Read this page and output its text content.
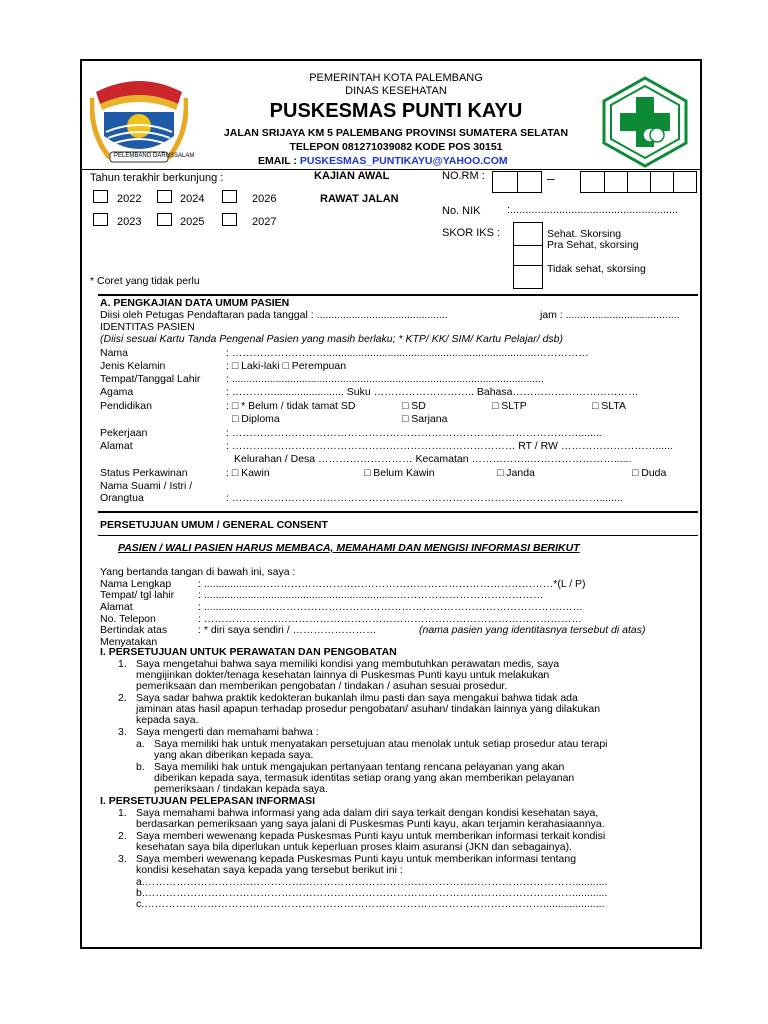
PELEMBANG DARUSSALAM
PEMERINTAH KOTA PALEMBANG
DINAS KESEHATAN
PUSKESMAS PUNTI KAYU
JALAN SRIJAYA KM 5 PALEMBANG PROVINSI SUMATERA SELATAN
TELEPON 081271039082 KODE POS 30151
EMAIL : PUSKESMAS_PUNTIKAYU@YAHOO.COM
Tahun terakhir berkunjung :
2022	2024	2026
2023	2025	2027
* Coret yang tidak perlu
KAJIAN AWAL
RAWAT JALAN
NO.RM :	–
No. NIK :.......................................................
SKOR IKS :	Sehat. Skorsing
Pra Sehat, skorsing
Tidak sehat, skorsing
A. PENGKAJIAN DATA UMUM PASIEN
Diisi oleh Petugas Pendaftaran pada tanggal : .............................................	jam : .......................................
IDENTITAS PASIEN
(Diisi sesuai Kartu Tanda Pengenal Pasien yang masih berlaku; * KTP/ KK/ SIM/ Kartu Pelajar/ dsb)
Nama	: ………………………........................................................................……………
Jenis Kelamin	: □ Laki-laki □ Perempuan
Tempat/Tanggal Lahir : ...........................................................................................................
Agama	: …………........................ Suku ……………………….. Bahasa………………………………
Pendidikan	: □ * Belum / tidak tamat SD	□ SD	□ SLTP	□ SLTA
□ Diploma	□ Sarjana
Pekerjaan	: ………………………………………………………………………………………........
Alamat	: ……………………………………………………………………… RT / RW ………………………......
Kelurahan / Desa ……………………… Kecamatan ……………..……………………......
Status Perkawinan	: □ Kawin	□ Belum Kawin	□ Janda	□ Duda
Nama Suami / Istri /
Orangtua	: ……………………………………………………………………………………………........
PERSETUJUAN UMUM / GENERAL CONSENT
PASIEN / WALI PASIEN HARUS MEMBACA, MEMAHAMI DAN MENGISI INFORMASI BERIKUT
Yang bertanda tangan di bawah ini, saya :
Nama Lengkap	: ...................…………………………………………………………………………*(L / P)
Tempat/ tgl lahir : ..................................................................……………………………………
Alamat	: .....................………………………………………………………………………….……
No. Telepon	: ………………………………………………………………………………………………
Bertindak atas	: * diri saya sendiri / ……………………	(nama pasien yang identitasnya tersebut di atas)
Menyatakan
I. PERSETUJUAN UNTUK PERAWATAN DAN PENGOBATAN
1. Saya mengetahui bahwa saya memiliki kondisi yang membutuhkan perawatan medis, saya
mengijinkan dokter/tenaga kesehatan lainnya di Puskesmas Punti kayu untuk melakukan
pemeriksaan dan memberikan pengobatan / tindakan / asuhan sesuai prosedur.
2. Saya sadar bahwa praktik kedokteran bukanlah ilmu pasti dan saya mengakui bahwa tidak ada
jaminan atas hasil apapun terhadap prosedur pengobatan/ asuhan/ tindakan lainnya yang dilakukan
kepada saya.
3. Saya mengerti dan memahami bahwa :
a. Saya memiliki hak untuk menyatakan persetujuan atau menolak untuk setiap prosedur atau terapi
yang akan diberikan kepada saya.
b. Saya memiliki hak untuk mengajukan pertanyaan tentang rencana pelayanan yang akan
diberikan kepada saya, termasuk identitas setiap orang yang akan memberikan pelayanan
pemeriksaan / tindakan kepada saya.
I. PERSETUJUAN PELEPASAN INFORMASI
1. Saya memahami bahwa informasi yang ada dalam diri saya terkait dengan kondisi kesehatan saya,
berdasarkan pemeriksaan yang saya jalani di Puskesmas Punti kayu, akan terjamin kerahasiaannya.
2. Saya memberi wewenang kepada Puskesmas Punti kayu untuk memberikan informasi terkait kondisi
kesehatan saya bila diperlukan untuk keperluan proses klaim asuransi (JKN dan sebagainya).
3. Saya memberi wewenang kepada Puskesmas Punti kayu untuk memberikan informasi tentang
kondisi kesehatan saya kepada yang tersebut berikut ini :
a.……………………………………………………………………………………………………………...........
b.……………………………………………………………………………………………………………...........
c.…………………………………………………………………………………………………….....................
